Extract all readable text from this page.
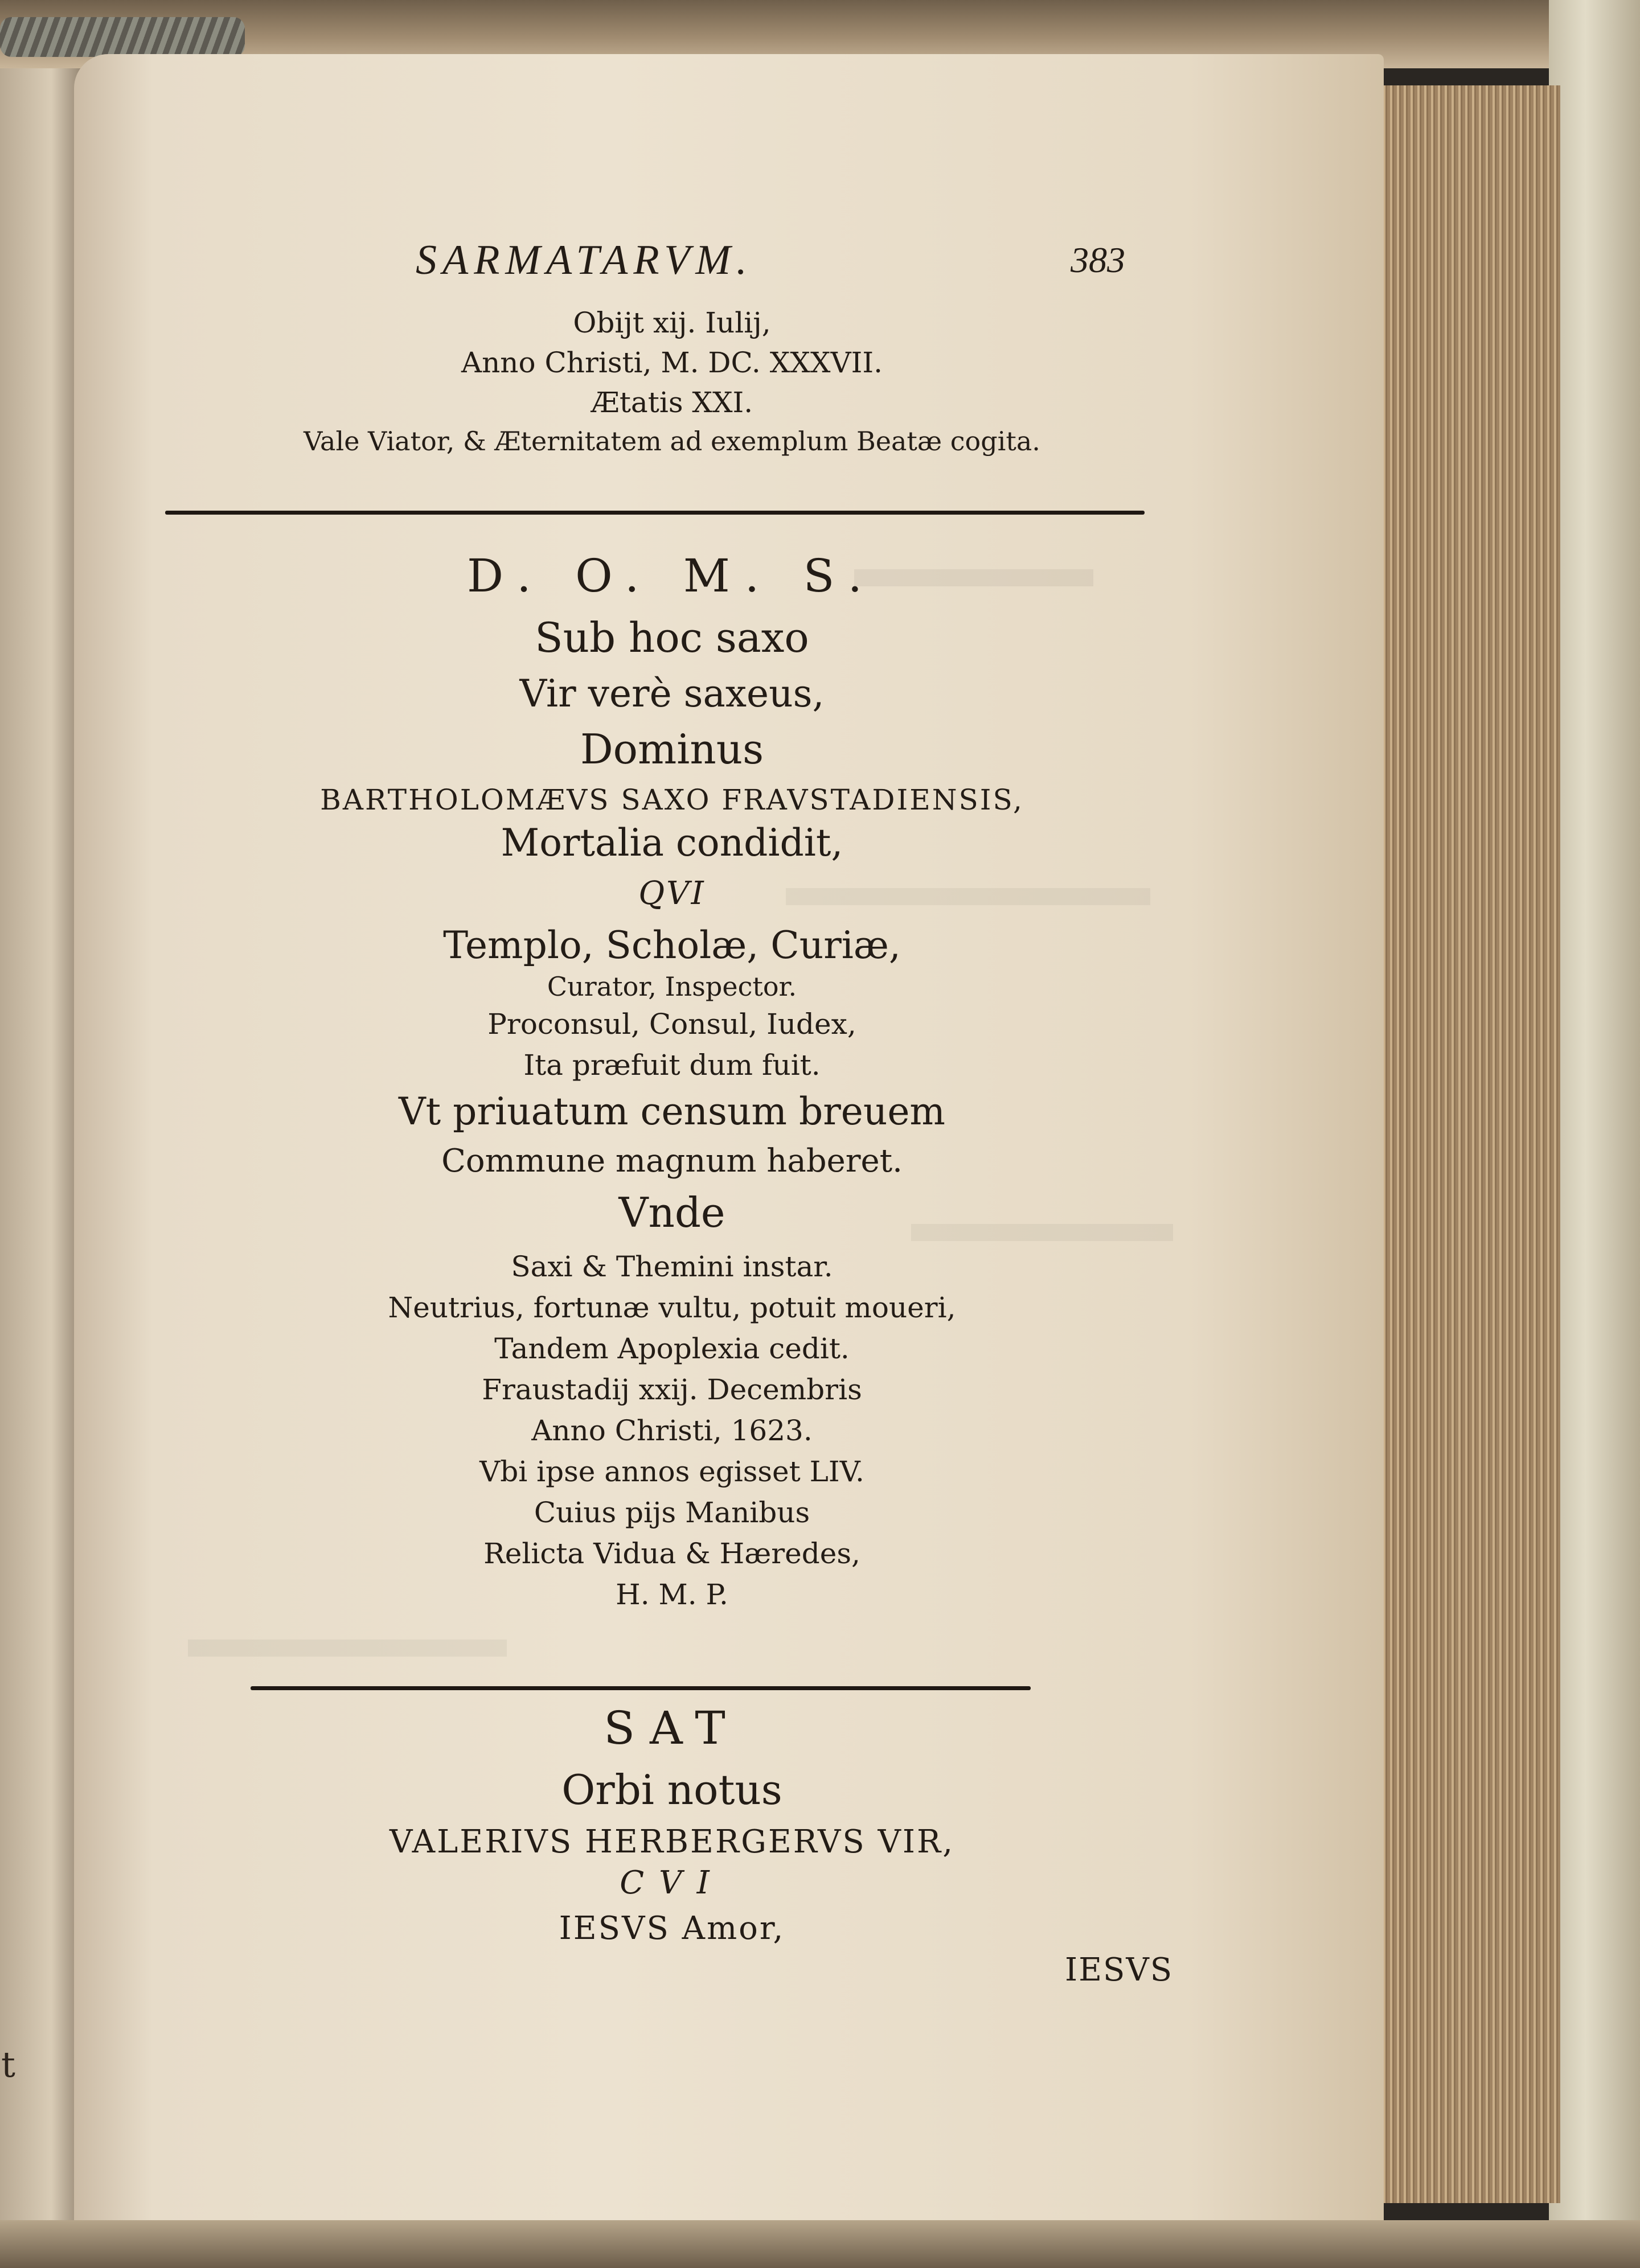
t
SARMATARVM.	383
Obijt xij. Iulij,
Anno Christi, M. DC. XXXVII.
Ætatis XXI.
Vale Viator, & Æternitatem ad exemplum Beatæ cogita.
D. O. M. S.
Sub hoc saxo
Vir verè saxeus,
Dominus
BARTHOLOMÆVS SAXO FRAVSTADIENSIS,
Mortalia condidit,
QVI
Templo, Scholæ, Curiæ,
Curator, Inspector.
Proconsul, Consul, Iudex,
Ita præfuit dum fuit.
Vt priuatum censum breuem
Commune magnum haberet.
Vnde
Saxi & Themini instar.
Neutrius, fortunæ vultu, potuit moueri,
Tandem Apoplexia cedit.
Fraustadij xxij. Decembris
Anno Christi, 1623.
Vbi ipse annos egisset LIV.
Cuius pijs Manibus
Relicta Vidua & Hæredes,
H. M. P.
SAT
Orbi notus
VALERIVS HERBERGERVS VIR,
CVI
IESVS Amor,
IESVS
